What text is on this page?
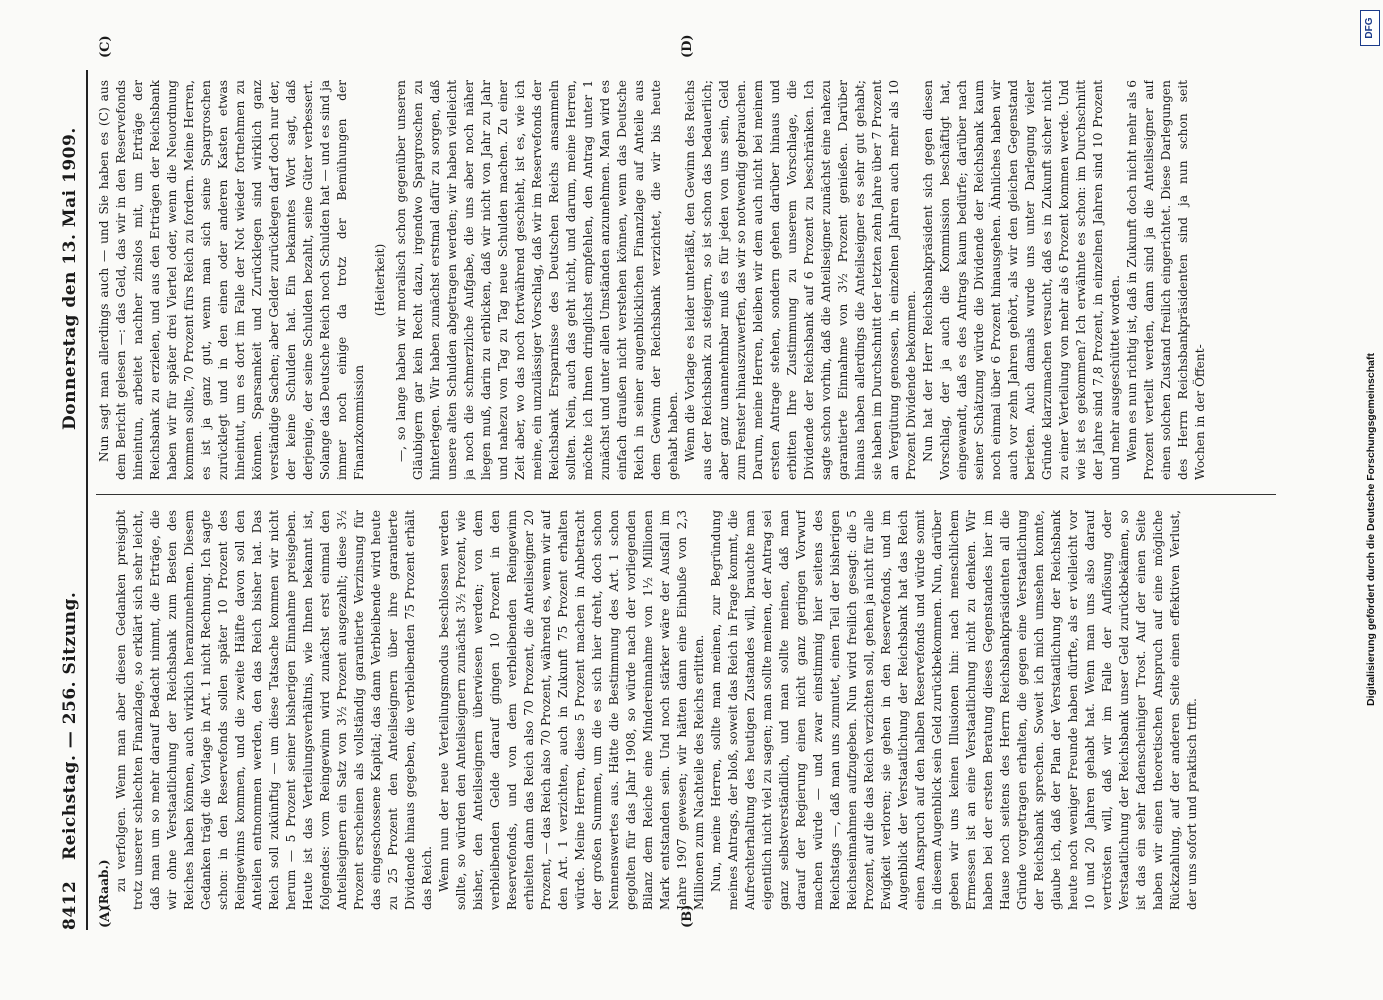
8412
Reichstag. — 256. Sitzung.
Donnerstag den 13. Mai 1909.
(A)	(B)
(C)	(D)

(Raab.) zu verfolgen. Wenn man aber diesen Gedanken preisgibt trotz unserer schlechten Finanzlage, so erklärt sich sehr leicht, daß man um so mehr darauf Bedacht nimmt, die Erträge, die wir ohne Verstaatlichung der Reichsbank zum Besten des Reiches haben können, auch wirklich heranzunehmen. Diesem Gedanken trägt die Vorlage in Art. 1 nicht Rechnung. Ich sagte schon: in den Reservefonds sollen später 10 Prozent des Reingewinns kommen, und die zweite Hälfte davon soll den Anteilen entnommen werden, den das Reich bisher hat. Das Reich soll zukünftig — um diese Tatsache kommen wir nicht herum — 5 Prozent seiner bisherigen Einnahme preisgeben. Heute ist das Verteilungsverhältnis, wie Ihnen bekannt ist, folgendes: vom Reingewinn wird zunächst erst einmal den Anteilseignern ein Satz von 3½ Prozent ausgezahlt; diese 3½ Prozent erscheinen als vollständig garantierte Verzinsung für das eingeschossene Kapital; das dann Verbleibende wird heute zu 25 Prozent den Anteilseignern über ihre garantierte Dividende hinaus gegeben, die verbleibenden 75 Prozent erhält das Reich. Wenn nun der neue Verteilungsmodus beschlossen werden sollte, so würden den Anteilseignern zunächst 3½ Prozent, wie bisher, den Anteilseignern überwiesen werden; von dem verbleibenden Gelde darauf gingen 10 Prozent in den Reservefonds, und von dem verbleibenden Reingewinn erhielten dann das Reich also 70 Prozent, die Anteilseigner 20 Prozent, — das Reich also 70 Prozent, während es, wenn wir auf den Art. 1 verzichten, auch in Zukunft 75 Prozent erhalten würde. Meine Herren, diese 5 Prozent machen in Anbetracht der großen Summen, um die es sich hier dreht, doch schon Nennenswertes aus. Hätte die Bestimmung des Art. 1 schon gegolten für das Jahr 1908, so würde nach der vorliegenden Bilanz dem Reiche eine Mindereinnahme von 1½ Millionen Mark entstanden sein. Und noch stärker wäre der Ausfall im Jahre 1907 gewesen; wir hätten dann eine Einbuße von 2,3 Millionen zum Nachteile des Reichs erlitten. Nun, meine Herren, sollte man meinen, zur Begründung meines Antrags, der bloß, soweit das Reich in Frage kommt, die Aufrechterhaltung des heutigen Zustandes will, brauchte man eigentlich nicht viel zu sagen; man sollte meinen, der Antrag sei ganz selbstverständlich, und man sollte meinen, daß man darauf der Regierung einen nicht ganz geringen Vorwurf machen würde — und zwar einstimmig hier seitens des Reichstags —, daß man uns zumutet, einen Teil der bisherigen Reichseinnahmen aufzugeben. Nun wird freilich gesagt: die 5 Prozent, auf die das Reich verzichten soll, gehen ja nicht für alle Ewigkeit verloren; sie gehen in den Reservefonds, und im Augenblick der Verstaatlichung der Reichsbank hat das Reich einen Anspruch auf den halben Reservefonds und würde somit in diesem Augenblick sein Geld zurückbekommen. Nun, darüber geben wir uns keinen Illusionen hin: nach menschlichem Ermessen ist an eine Verstaatlichung nicht zu denken. Wir haben bei der ersten Beratung dieses Gegenstandes hier im Hause noch seitens des Herrn Reichsbankpräsidenten all die Gründe vorgetragen erhalten, die gegen eine Verstaatlichung der Reichsbank sprechen. Soweit ich mich umsehen konnte, glaube ich, daß der Plan der Verstaatlichung der Reichsbank heute noch weniger Freunde haben dürfte, als er vielleicht vor 10 und 20 Jahren gehabt hat. Wenn man uns also darauf vertrösten will, daß wir im Falle der Auflösung oder Verstaatlichung der Reichsbank unser Geld zurückbekämen, so ist das ein sehr fadenscheiniger Trost. Auf der einen Seite haben wir einen theoretischen Anspruch auf eine mögliche Rückzahlung, auf der anderen Seite einen effektiven Verlust, der uns sofort und praktisch trifft.

Nun sagt man allerdings auch — und Sie haben es (C) aus dem Bericht gelesen —: das Geld, das wir in den Reservefonds hineintun, arbeitet nachher zinslos mit, um Erträge der Reichsbank zu erzielen, und aus den Erträgen der Reichsbank haben wir für später drei Viertel oder, wenn die Neuordnung kommen sollte, 70 Prozent fürs Reich zu fordern. Meine Herren, es ist ja ganz gut, wenn man sich seine Spargroschen zurücklegt und in den einen oder anderen Kasten etwas hineintut, um es dort im Falle der Not wieder fortnehmen zu können. Sparsamkeit und Zurücklegen sind wirklich ganz verständige Sachen; aber Gelder zurücklegen darf doch nur der, der keine Schulden hat. Ein bekanntes Wort sagt, daß derjenige, der seine Schulden bezahlt, seine Güter verbessert. Solange das Deutsche Reich noch Schulden hat — und es sind ja immer noch einige da trotz der Bemühungen der Finanzkommission

(Heiterkeit) —, so lange haben wir moralisch schon gegenüber unseren Gläubigern gar kein Recht dazu, irgendwo Spargroschen zu hinterlegen. Wir haben zunächst erstmal dafür zu sorgen, daß unsere alten Schulden abgetragen werden; wir haben vielleicht ja noch die schmerzliche Aufgabe, die uns aber noch näher liegen muß, darin zu erblicken, daß wir nicht von Jahr zu Jahr und nahezu von Tag zu Tag neue Schulden machen. Zu einer Zeit aber, wo das noch fortwährend geschieht, ist es, wie ich meine, ein unzulässiger Vorschlag, daß wir im Reservefonds der Reichsbank Ersparnisse des Deutschen Reichs ansammeln sollten. Nein, auch das geht nicht, und darum, meine Herren, möchte ich Ihnen dringlichst empfehlen, den Antrag unter 1 zunächst und unter allen Umständen anzunehmen. Man wird es einfach draußen nicht verstehen können, wenn das Deutsche Reich in seiner augenblicklichen Finanzlage auf Anteile aus dem Gewinn der Reichsbank verzichtet, die wir bis heute gehabt haben. Wenn die Vorlage es leider unterläßt, den Gewinn des Reichs aus der Reichsbank zu steigern, so ist schon das bedauerlich; aber ganz unannehmbar muß es für jeden von uns sein, Geld zum Fenster hinauszuwerfen, das wir so notwendig gebrauchen. Darum, meine Herren, bleiben wir dem auch nicht bei meinem ersten Antrage stehen, sondern gehen darüber hinaus und erbitten Ihre Zustimmung zu unserem Vorschlage, die Dividende der Reichsbank auf 6 Prozent zu beschränken. Ich sagte schon vorhin, daß die Anteilseigner zunächst eine nahezu garantierte Einnahme von 3½ Prozent genießen. Darüber hinaus haben allerdings die Anteilseigner es sehr gut gehabt; sie haben im Durchschnitt der letzten zehn Jahre über 7 Prozent an Vergütung genossen, in einzelnen Jahren auch mehr als 10 Prozent Dividende bekommen. Nun hat der Herr Reichsbankpräsident sich gegen diesen Vorschlag, der ja auch die Kommission beschäftigt hat, eingewandt, daß es des Antrags kaum bedürfe; darüber nach seiner Schätzung würde die Dividende der Reichsbank kaum noch einmal über 6 Prozent hinausgehen. Ähnliches haben wir auch vor zehn Jahren gehört, als wir den gleichen Gegenstand berieten. Auch damals wurde uns unter Darlegung vieler Gründe klarzumachen versucht, daß es in Zukunft sicher nicht zu einer Verteilung von mehr als 6 Prozent kommen werde. Und wie ist es gekommen? Ich erwähnte es schon: im Durchschnitt der Jahre sind 7,8 Prozent, in einzelnen Jahren sind 10 Prozent und mehr ausgeschüttet worden. Wenn es nun richtig ist, daß in Zukunft doch nicht mehr als 6 Prozent verteilt werden, dann sind ja die Anteilseigner auf einen solchen Zustand freilich eingerichtet. Diese Darlegungen des Herrn Reichsbankpräsidenten sind ja nun schon seit Wochen in der Öffent-

DFG
Digitalisierung gefördert durch die Deutsche Forschungsgemeinschaft
